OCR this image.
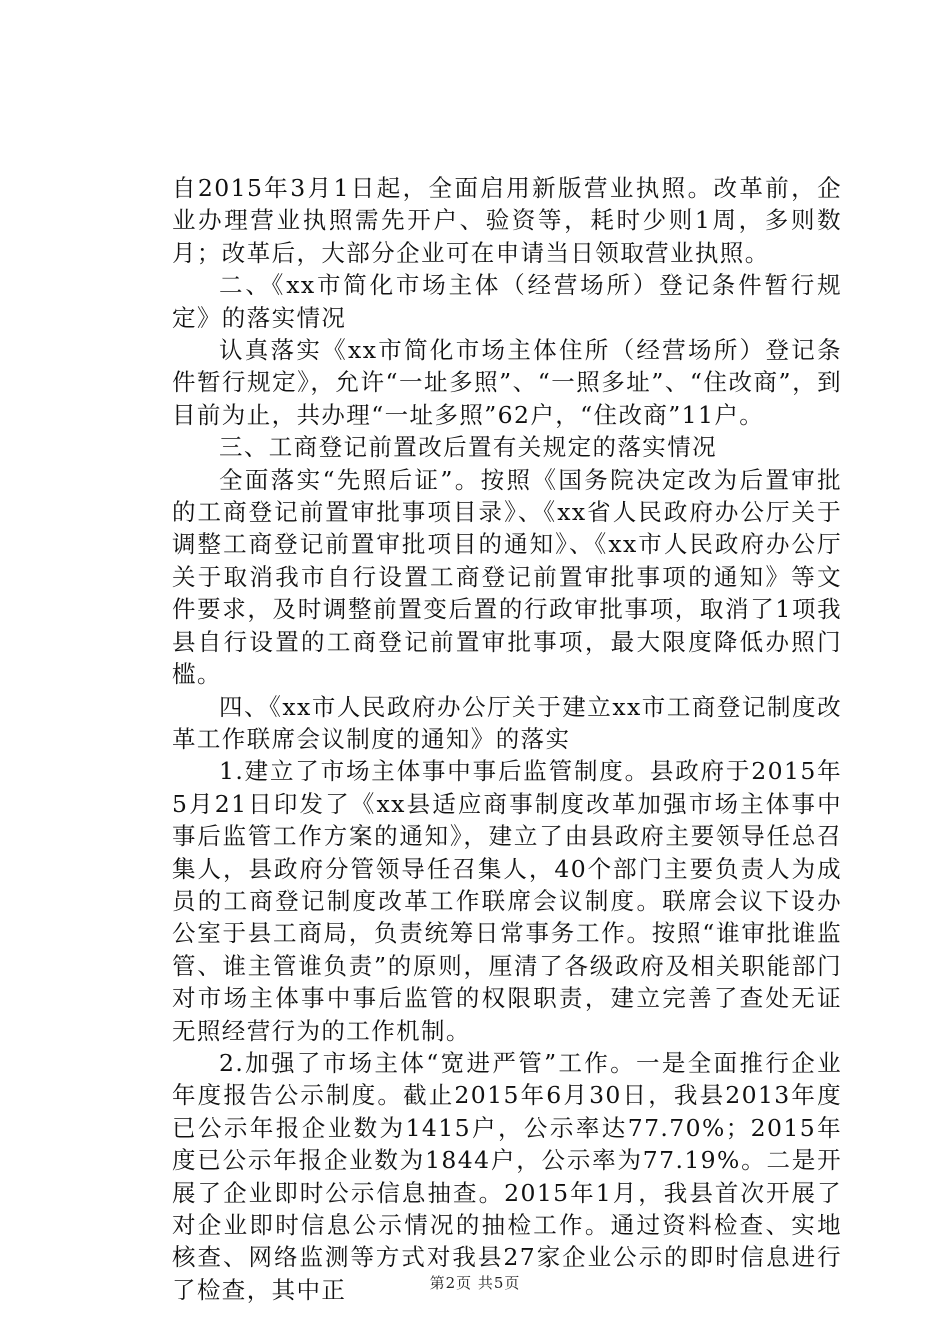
自2015年3月1日起，全面启用新版营业执照。改革前，企业办理营业执照需先开户、验资等，耗时少则1周，多则数月；改革后，大部分企业可在申请当日领取营业执照。

二、《xx市简化市场主体（经营场所）登记条件暂行规定》的落实情况

认真落实《xx市简化市场主体住所（经营场所）登记条件暂行规定》，允许“一址多照”、“一照多址”、“住改商”，到目前为止，共办理“一址多照”62户，“住改商”11户。

三、工商登记前置改后置有关规定的落实情况

全面落实“先照后证”。按照《国务院决定改为后置审批的工商登记前置审批事项目录》、《xx省人民政府办公厅关于调整工商登记前置审批项目的通知》、《xx市人民政府办公厅关于取消我市自行设置工商登记前置审批事项的通知》等文件要求，及时调整前置变后置的行政审批事项，取消了1项我县自行设置的工商登记前置审批事项，最大限度降低办照门槛。

四、《xx市人民政府办公厅关于建立xx市工商登记制度改革工作联席会议制度的通知》的落实

1.建立了市场主体事中事后监管制度。县政府于2015年5月21日印发了《xx县适应商事制度改革加强市场主体事中事后监管工作方案的通知》，建立了由县政府主要领导任总召集人，县政府分管领导任召集人，40个部门主要负责人为成员的工商登记制度改革工作联席会议制度。联席会议下设办公室于县工商局，负责统筹日常事务工作。按照“谁审批谁监管、谁主管谁负责”的原则，厘清了各级政府及相关职能部门对市场主体事中事后监管的权限职责，建立完善了查处无证无照经营行为的工作机制。

2.加强了市场主体“宽进严管”工作。一是全面推行企业年度报告公示制度。截止2015年6月30日，我县2013年度已公示年报企业数为1415户，公示率达77.70%；2015年度已公示年报企业数为1844户，公示率为77.19%。二是开展了企业即时公示信息抽查。2015年1月，我县首次开展了对企业即时信息公示情况的抽检工作。通过资料检查、实地核查、网络监测等方式对我县27家企业公示的即时信息进行了检查，其中正	第2页 共5页
